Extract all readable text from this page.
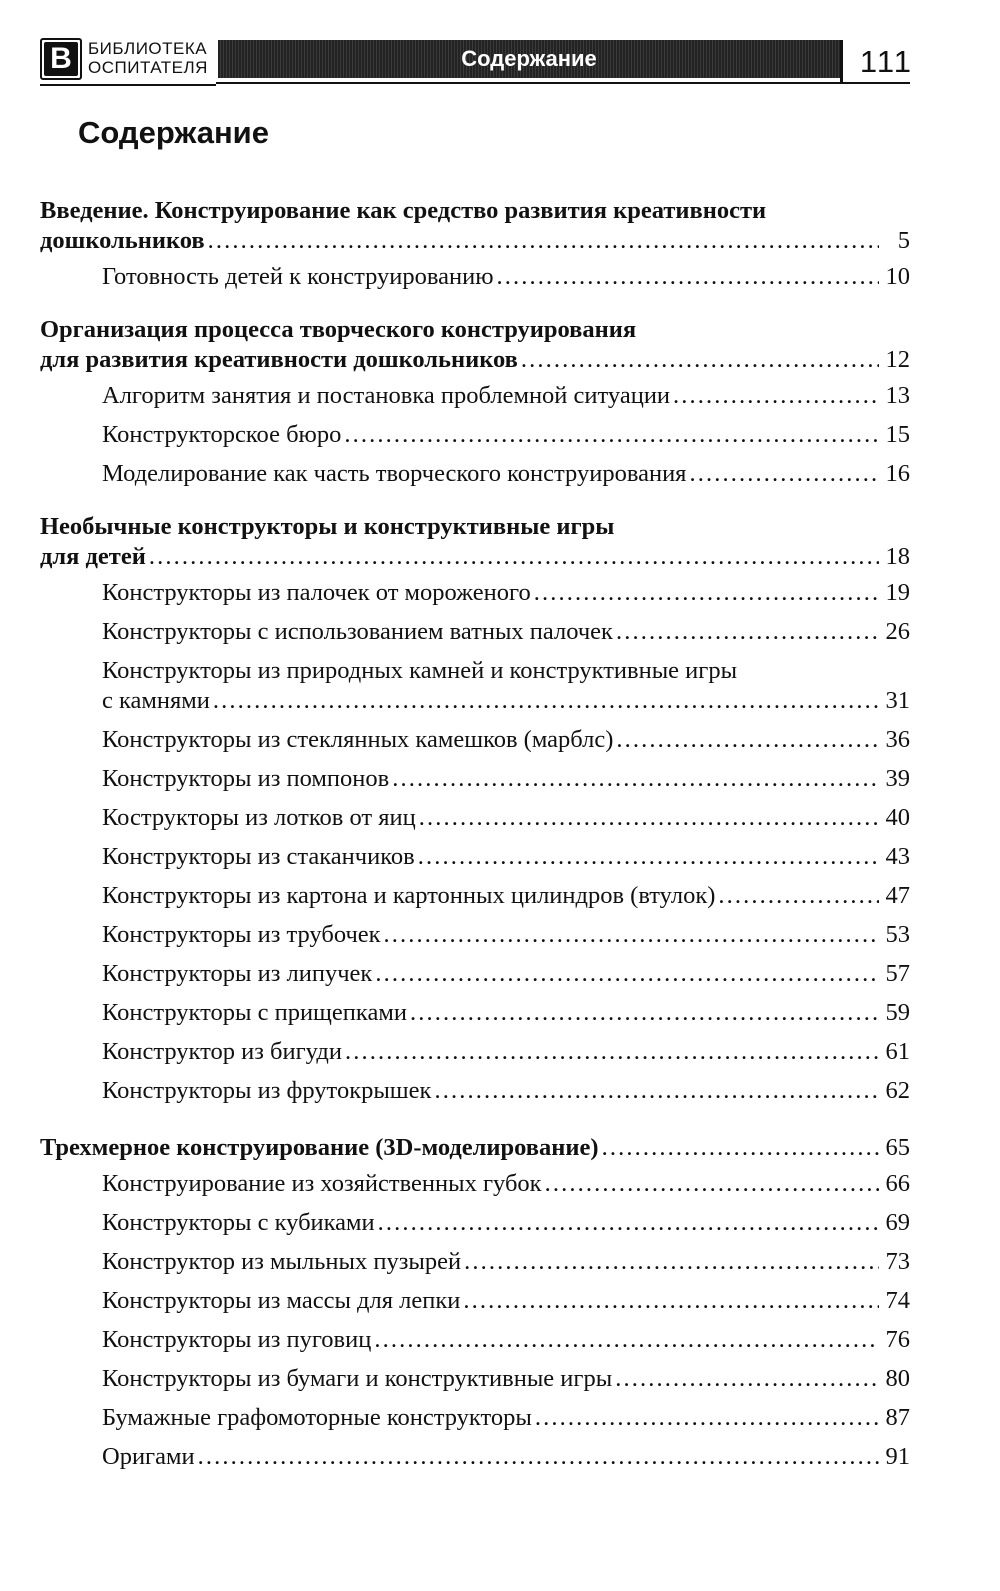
В БИБЛИОТЕКА
ОСПИТАТЕЛЯ	Содержание	111
Содержание
Введение. Конструирование как средство развития креативности
дошкольников . . .	5
Готовность детей к конструированию . . .	10
Организация процесса творческого конструирования
для развития креативности дошкольников . . .	12
Алгоритм занятия и постановка проблемной ситуации . . .	13
Конструкторское бюро . . .	15
Моделирование как часть творческого конструирования . . .	16
Необычные конструкторы и конструктивные игры
для детей . . .	18
Конструкторы из палочек от мороженого . . .	19
Конструкторы с использованием ватных палочек . . .	26
Конструкторы из природных камней и конструктивные игры
с камнями . . .	31
Конструкторы из стеклянных камешков (марблс) . . .	36
Конструкторы из помпонов . . .	39
Кострукторы из лотков от яиц . . .	40
Конструкторы из стаканчиков . . .	43
Конструкторы из картона и картонных цилиндров (втулок) . . .	47
Конструкторы из трубочек . . .	53
Конструкторы из липучек . . .	57
Конструкторы с прищепками . . .	59
Конструктор из бигуди . . .	61
Конструкторы из фрутокрышек . . .	62
Трехмерное конструирование (3D-моделирование) . . .	65
Конструирование из хозяйственных губок . . .	66
Конструкторы с кубиками . . .	69
Конструктор из мыльных пузырей . . .	73
Конструкторы из массы для лепки . . .	74
Конструкторы из пуговиц . . .	76
Конструкторы из бумаги и конструктивные игры . . .	80
Бумажные графомоторные конструкторы . . .	87
Оригами . . .	91
